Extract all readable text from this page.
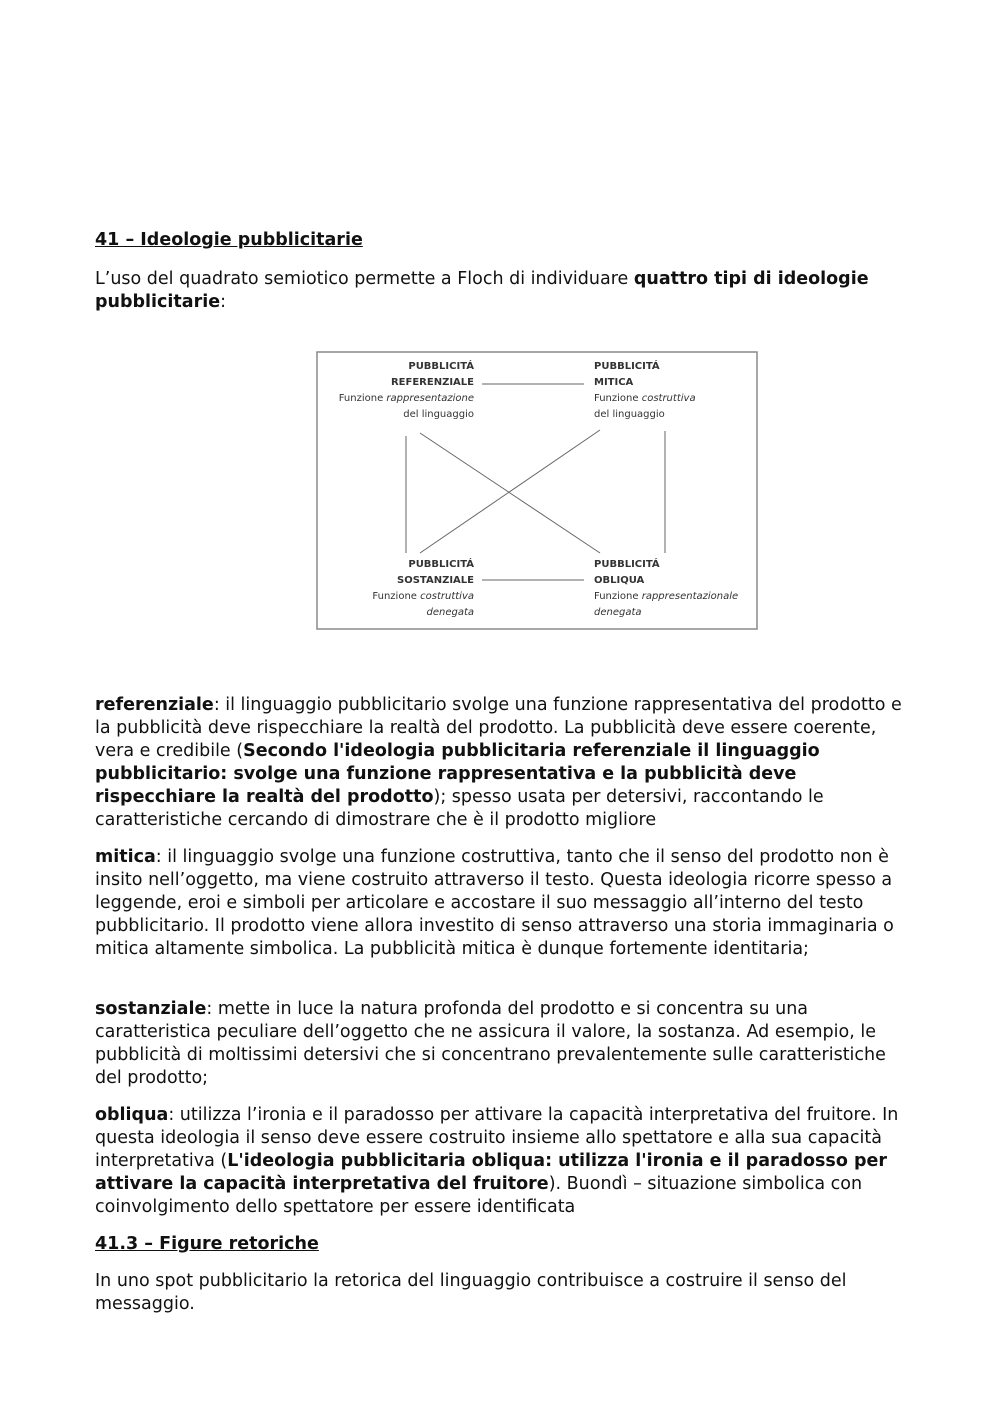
41 – Ideologie pubblicitarie

L’uso del quadrato semiotico permette a Floch di individuare quattro tipi di ideologie pubblicitarie:

PUBBLICITÁ
REFERENZIALE
Funzione rappresentazione
del linguaggio
PUBBLICITÁ
MITICA
Funzione costruttiva
del linguaggio
PUBBLICITÁ
SOSTANZIALE
Funzione costruttiva
denegata
PUBBLICITÁ
OBLIQUA
Funzione rappresentazionale
denegata

referenziale: il linguaggio pubblicitario svolge una funzione rappresentativa del prodotto e la pubblicità deve rispecchiare la realtà del prodotto. La pubblicità deve essere coerente, vera e credibile (Secondo l'ideologia pubblicitaria referenziale il linguaggio pubblicitario: svolge una funzione rappresentativa e la pubblicità deve rispecchiare la realtà del prodotto); spesso usata per detersivi, raccontando le caratteristiche cercando di dimostrare che è il prodotto migliore

mitica: il linguaggio svolge una funzione costruttiva, tanto che il senso del prodotto non è insito nell’oggetto, ma viene costruito attraverso il testo. Questa ideologia ricorre spesso a leggende, eroi e simboli per articolare e accostare il suo messaggio all’interno del testo pubblicitario. Il prodotto viene allora investito di senso attraverso una storia immaginaria o mitica altamente simbolica. La pubblicità mitica è dunque fortemente identitaria;

sostanziale: mette in luce la natura profonda del prodotto e si concentra su una caratteristica peculiare dell’oggetto che ne assicura il valore, la sostanza. Ad esempio, le pubblicità di moltissimi detersivi che si concentrano prevalentemente sulle caratteristiche del prodotto;

obliqua: utilizza l’ironia e il paradosso per attivare la capacità interpretativa del fruitore. In questa ideologia il senso deve essere costruito insieme allo spettatore e alla sua capacità interpretativa (L'ideologia pubblicitaria obliqua: utilizza l'ironia e il paradosso per attivare la capacità interpretativa del fruitore). Buondì – situazione simbolica con coinvolgimento dello spettatore per essere identificata

41.3 – Figure retoriche

In uno spot pubblicitario la retorica del linguaggio contribuisce a costruire il senso del messaggio.
